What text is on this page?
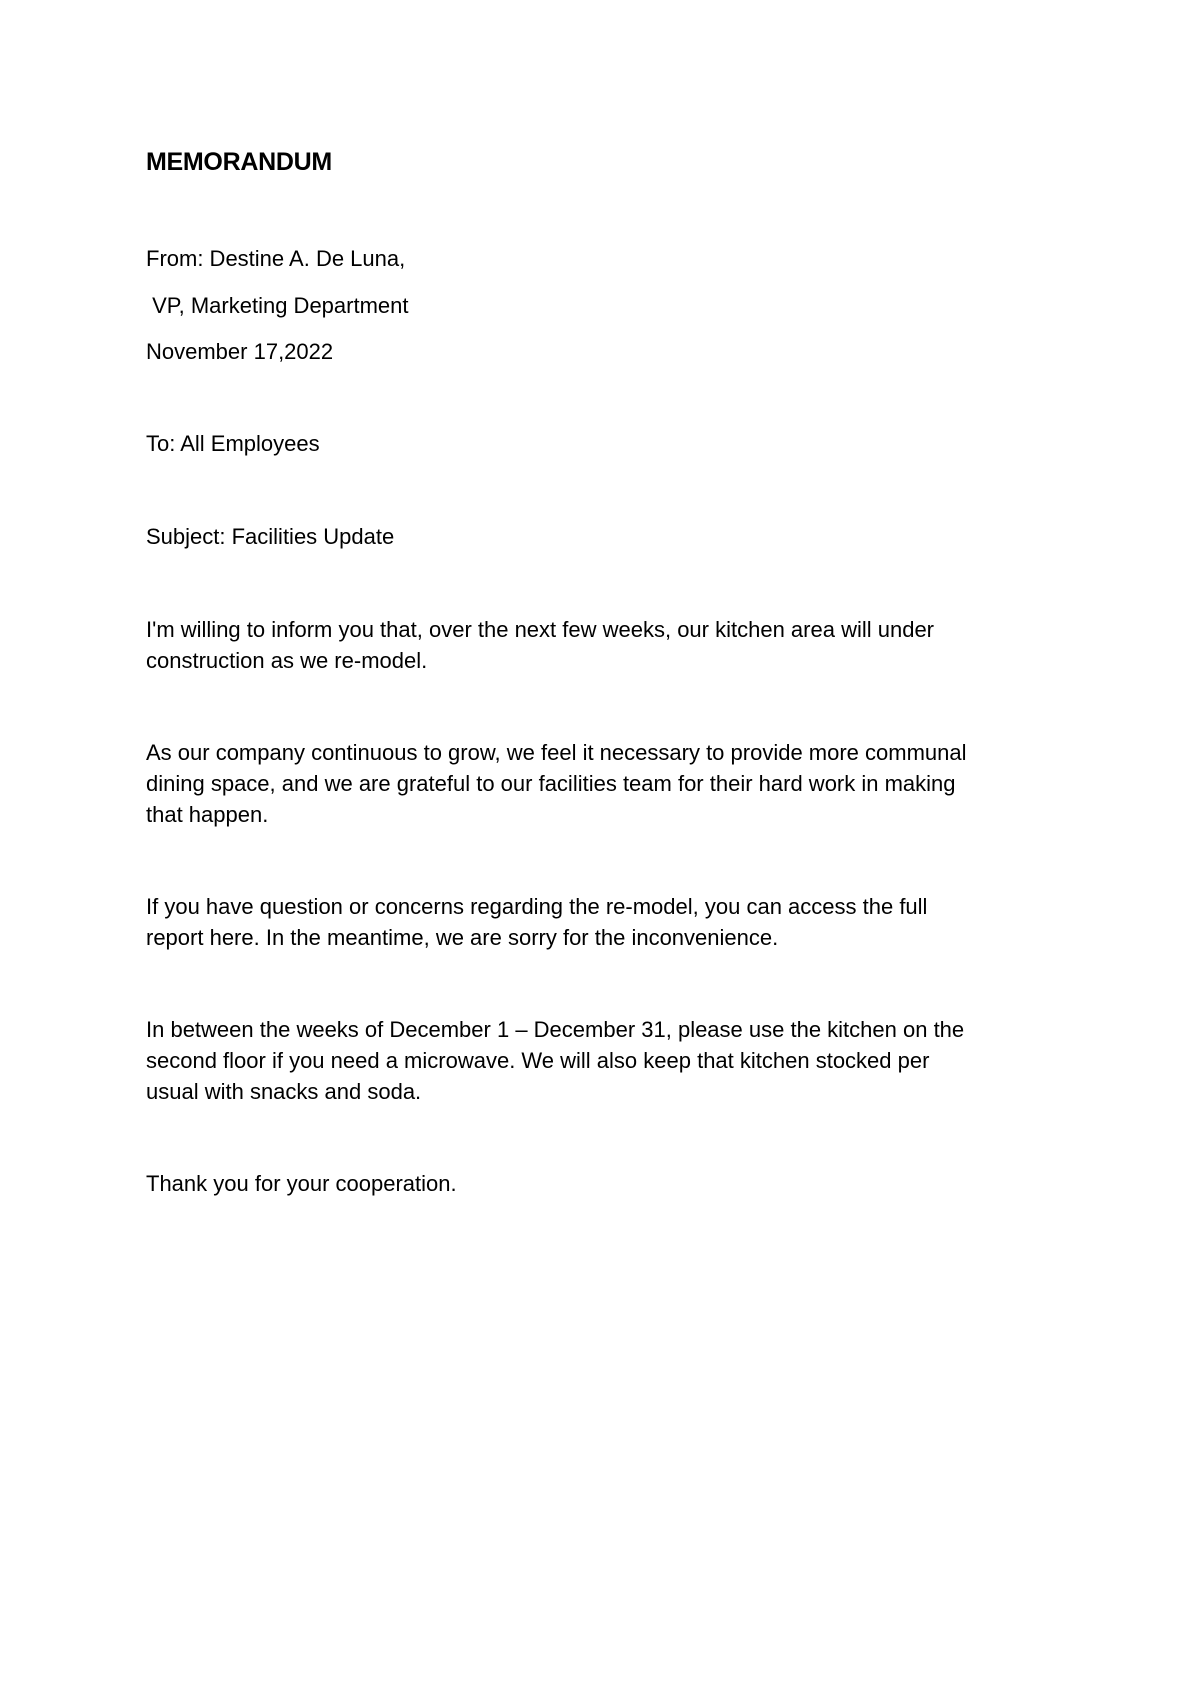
MEMORANDUM
From: Destine A. De Luna,
VP, Marketing Department
November 17,2022
To: All Employees
Subject: Facilities Update

I'm willing to inform you that, over the next few weeks, our kitchen area will under
construction as we re-model.

As our company continuous to grow, we feel it necessary to provide more communal
dining space, and we are grateful to our facilities team for their hard work in making
that happen.

If you have question or concerns regarding the re-model, you can access the full
report here. In the meantime, we are sorry for the inconvenience.

In between the weeks of December 1 – December 31, please use the kitchen on the
second floor if you need a microwave. We will also keep that kitchen stocked per
usual with snacks and soda.

Thank you for your cooperation.
